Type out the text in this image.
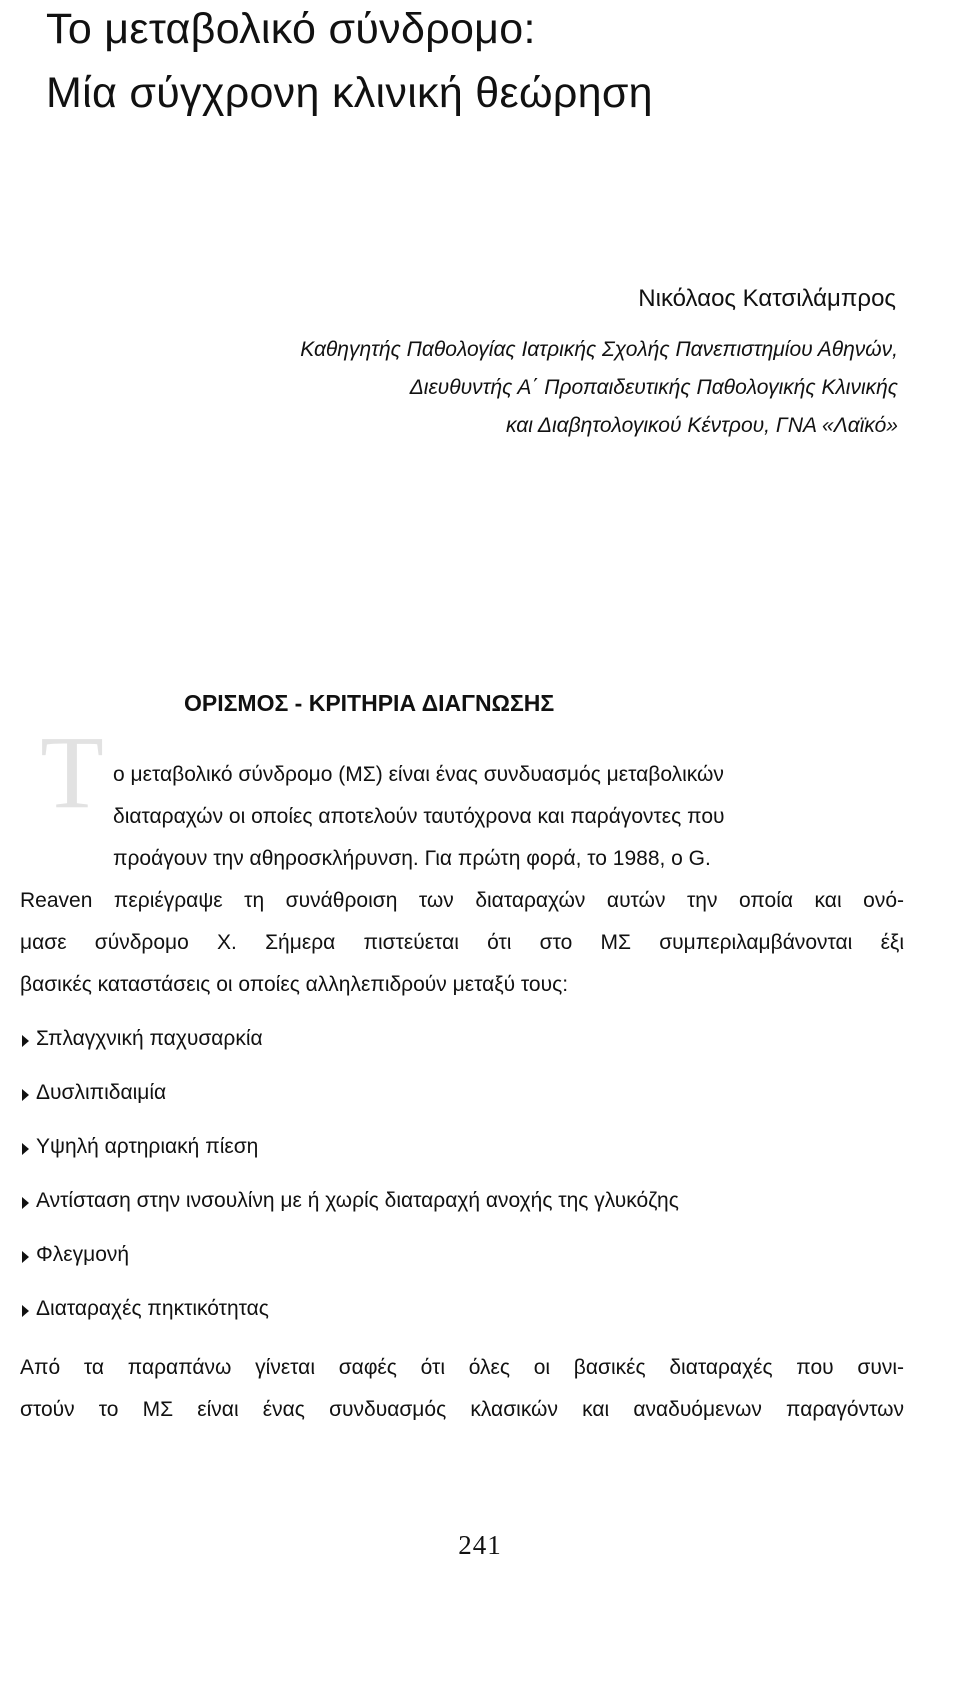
Το μεταβολικό σύνδρομο:
Μία σύγχρονη κλινική θεώρηση
Νικόλαος Κατσιλάμπρος
Καθηγητής Παθολογίας Ιατρικής Σχολής Πανεπιστημίου Αθηνών,
Διευθυντής Α΄ Προπαιδευτικής Παθολογικής Κλινικής
και Διαβητολογικού Κέντρου, ΓΝΑ «Λαϊκό»
ΟΡΙΣΜΟΣ - ΚΡΙΤΗΡΙΑ ΔΙΑΓΝΩΣΗΣ
Τ ο μεταβολικό σύνδρομο (ΜΣ) είναι ένας συνδυασμός μεταβολικών
διαταραχών οι οποίες αποτελούν ταυτόχρονα και παράγοντες που
προάγουν την αθηροσκλήρυνση. Για πρώτη φορά, το 1988, ο G.
Reaven περιέγραψε τη συνάθροιση των διαταραχών αυτών την οποία και ονό-
μασε σύνδρομο Χ. Σήμερα πιστεύεται ότι στο ΜΣ συμπεριλαμβάνονται έξι
βασικές καταστάσεις οι οποίες αλληλεπιδρούν μεταξύ τους:
Σπλαγχνική παχυσαρκία
Δυσλιπιδαιμία
Υψηλή αρτηριακή πίεση
Αντίσταση στην ινσουλίνη με ή χωρίς διαταραχή ανοχής της γλυκόζης
Φλεγμονή
Διαταραχές πηκτικότητας
Από τα παραπάνω γίνεται σαφές ότι όλες οι βασικές διαταραχές που συνι-
στούν το ΜΣ είναι ένας συνδυασμός κλασικών και αναδυόμενων παραγόντων
241
